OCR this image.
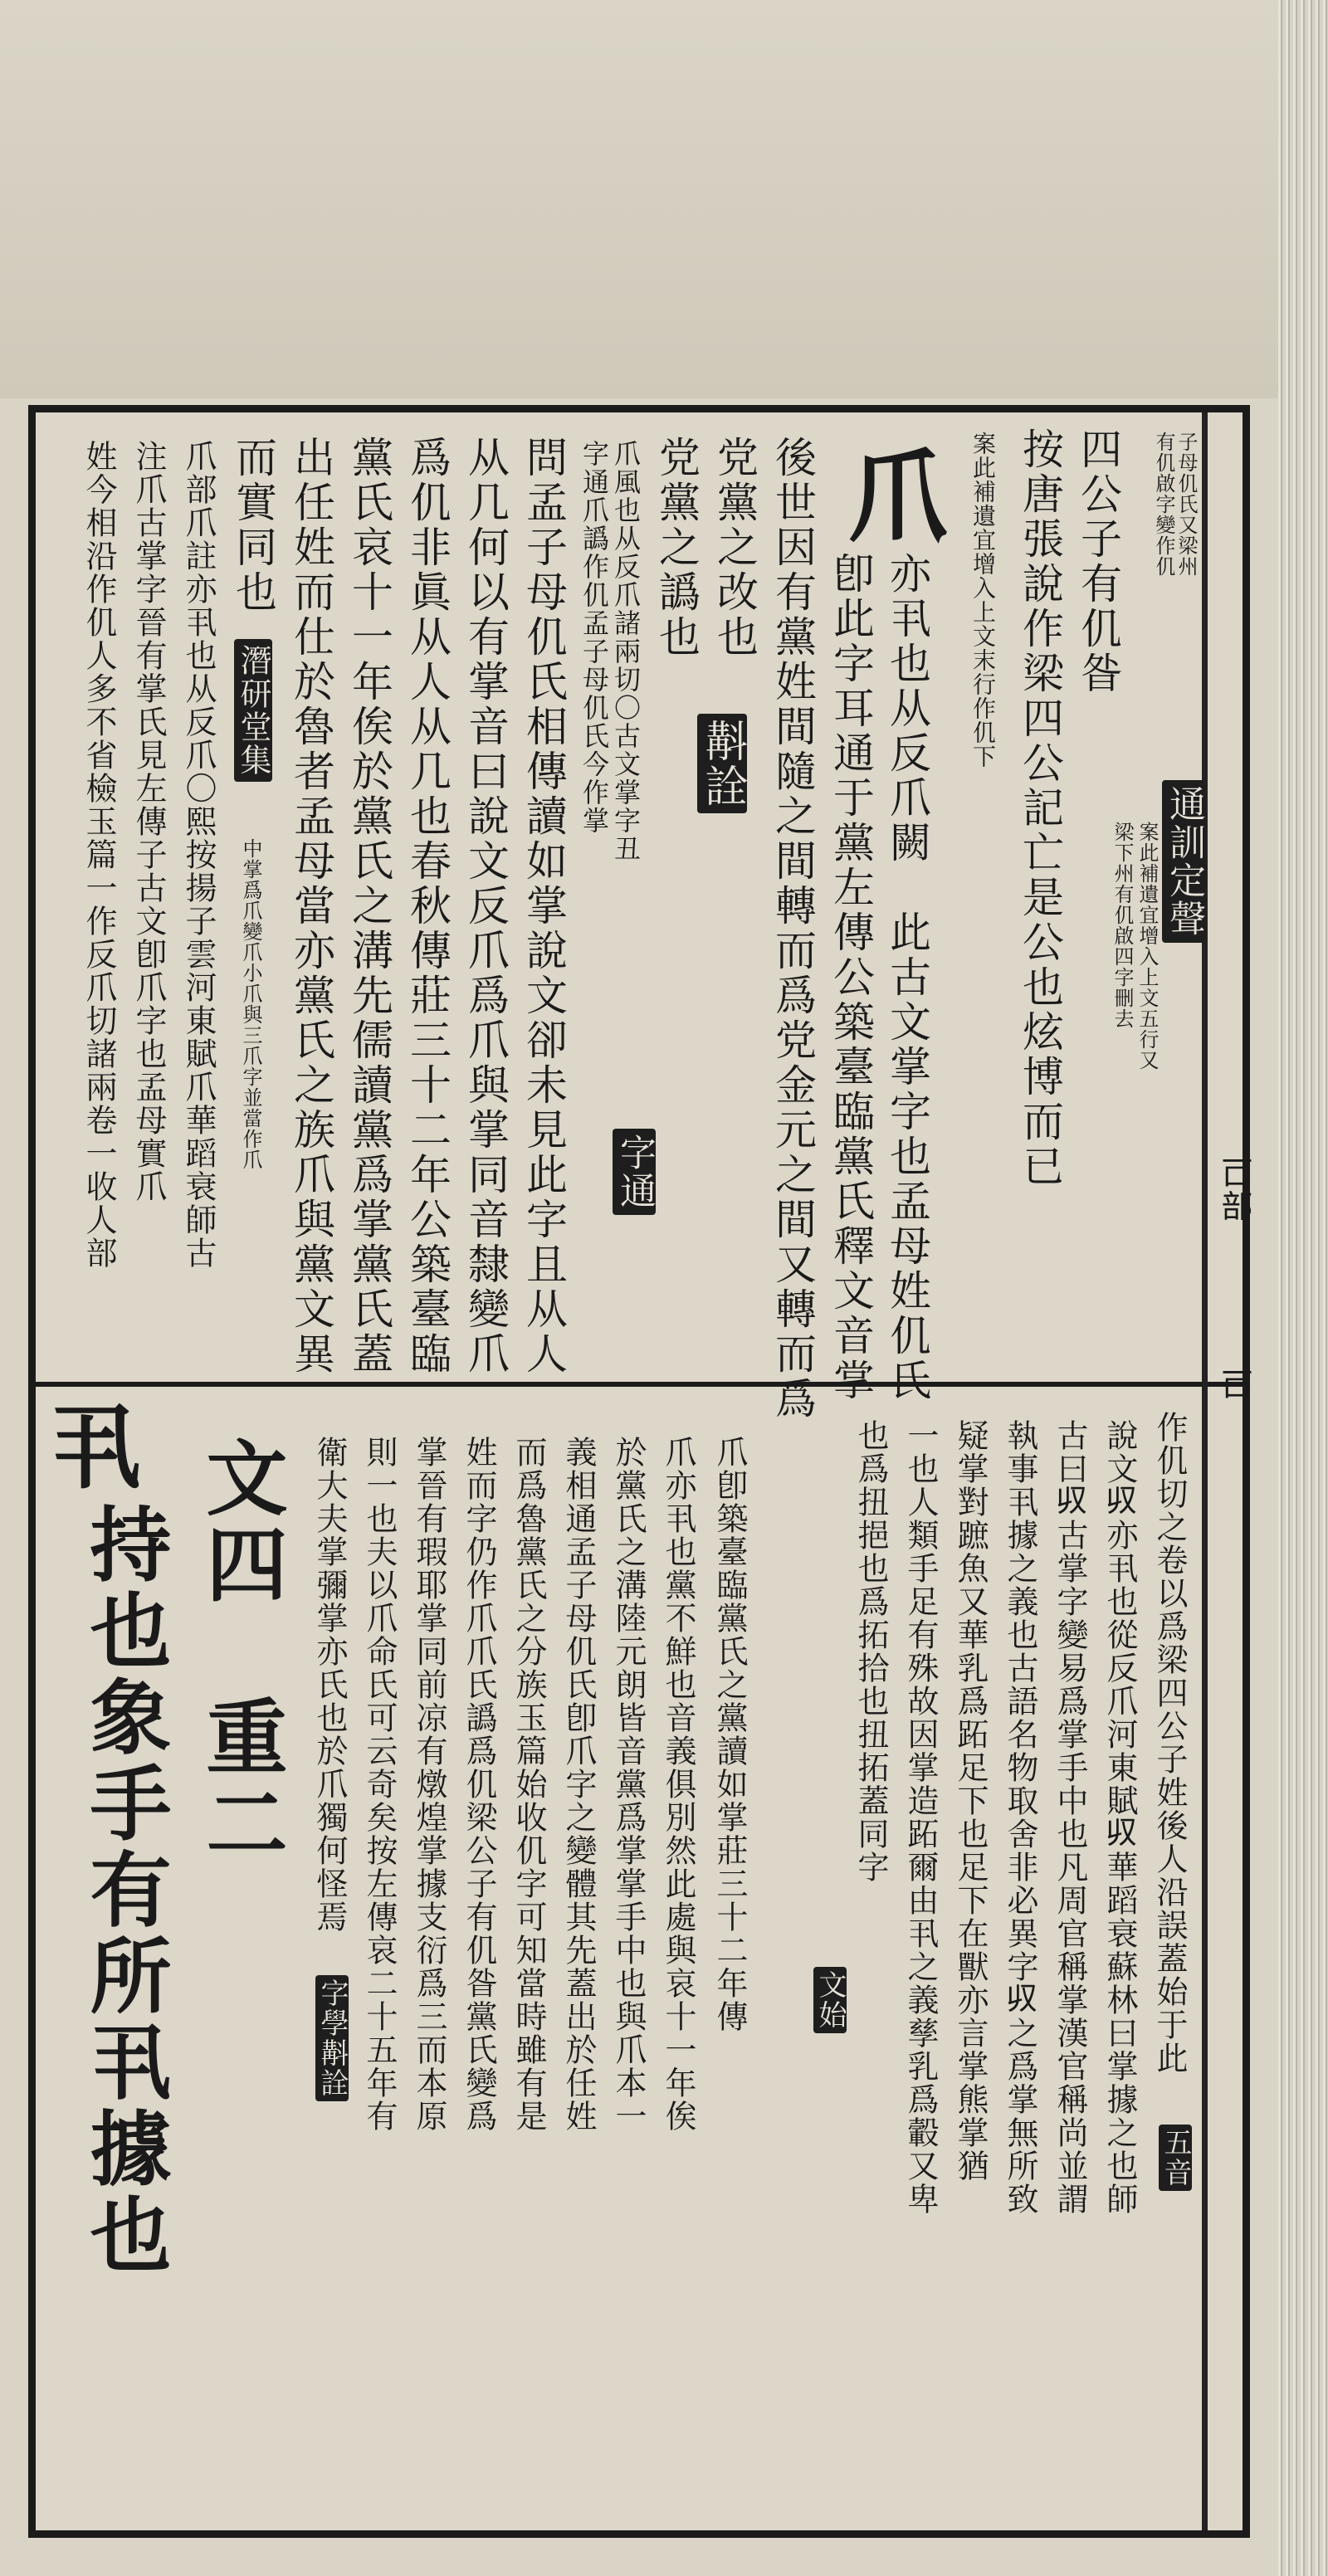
𠮛部
𠮛
通訓定聲
子母仉氏又梁州
有仉啟字變作仉
四公子有仉昝
按唐張說作梁四公記亡是公也炫博而已	案此補遺宜增入上文五行又
梁下州有仉啟四字刪去
案此補遺宜增入上文末行作仉下
爪
亦丮也从反爪闕　此古文掌字也孟母姓仉氏
卽此字耳通于黨左傳公築臺臨黨氏釋文音掌
後世因有黨姓間隨之間轉而爲党金元之間又轉而爲
党黨之改也
党黨之譌也
斠詮
爪風也从反爪諸兩切〇古文掌字丑
字通爪譌作仉孟子母仉氏今作掌
字通
問孟子母仉氏相傳讀如掌說文卻未見此字且从人
从几何以有掌音曰說文反爪爲爪與掌同音隸變爪
爲仉非眞从人从几也春秋傳莊三十二年公築臺臨
黨氏哀十一年俟於黨氏之溝先儒讀黨爲掌黨氏蓋
出任姓而仕於魯者孟母當亦黨氏之族爪與黨文異
而實同也
潛研堂集
中掌爲爪變爪小爪與三爪字並當作爪
爪部爪註亦丮也从反爪〇熙按揚子雲河東賦爪華蹈衰師古
注爪古掌字晉有掌氏見左傳子古文卽爪字也孟母實爪
姓今相沿作仉人多不省檢玉篇一作反爪切諸兩卷一收人部
作仉切之卷以爲梁四公子姓後人沿誤蓋始于此
五音
說文𠬞亦丮也從反爪河東賦𠬞華蹈衰蘇林曰掌據之也師
古曰𠬞古掌字變易爲掌手中也凡周官稱掌漢官稱尚並謂
執事丮據之義也古語名物取舍非必異字𠬞之爲掌無所致
疑掌對蹠魚又華乳爲跖足下也足下在獸亦言掌熊掌猶
一也人類手足有殊故因掌造跖爾由丮之義孳乳爲轂又卑
也爲扭挹也爲拓拾也扭拓蓋同字
文始
爪卽築臺臨黨氏之黨讀如掌莊三十二年傳
爪亦丮也黨不鮮也音義俱別然此處與哀十一年俟
於黨氏之溝陸元朗皆音黨爲掌掌手中也與爪本一
義相通孟子母仉氏卽爪字之變體其先蓋出於任姓
而爲魯黨氏之分族玉篇始收仉字可知當時雖有是
姓而字仍作爪爪氏譌爲仉梁公子有仉昝黨氏變爲
掌晉有瑕耶掌同前凉有燉煌掌據支衍爲三而本原
則一也夫以爪命氏可云奇矣按左傳哀二十五年有
衛大夫掌彌掌亦氏也於爪獨何怪焉
字學斠詮
文四　重二
持也象手有所丮據也
丮
